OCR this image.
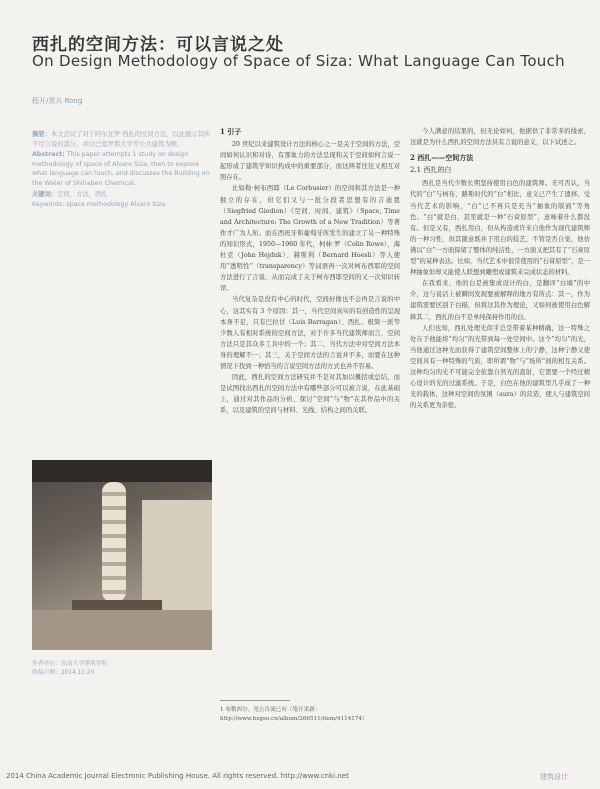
西扎的空间方法：可以言说之处
On Design Methodology of Space of Siza: What Language Can Touch
程开/贺兵 Rong

摘要：本文尝试了对于阿尔瓦罗·西扎的空间方法，以此揭示其所不可言说的部分，并以巴塞罗那大学等公共建筑为例。

Abstract: This paper attempts 1 study on design methodology of space of Alvaro Siza, then to explore what language can touch, and discusses the Building on the Water of Shihaben Chemical.

关键词：空间，方法，西扎

Keywords: space methodology Alvaro Siza

作者单位：东南大学建筑学院
收稿日期：2014.10.20
1 引子

20 世纪以来建筑设计方法的核心之一是关于空间的方法，空间如何认识和对待，有那象力的方法呈现和关于空间如何言说一起形成了建筑学知识构成中的重要部分，而这两者往往又相互对照存在。

比如勒·柯布西耶（Le Corbusier）的空间和其方法是一种独立的存在，但它们又与一批分段者思想有的吉迪恩（Siegfried Giedion）《空间、时间、建筑》（Space, Time and Architecture: The Growth of a New Tradition）等著作才广为人知。而在西班牙和葡萄牙所发生的建立了另一种特殊的知识形式，1950—1960 年代，柯林·罗（Colin Rowe）、海杜克（John Hejduk）、赫斯利（Bernard Hoesli）等人使用“透明性”（transparency）等词语再一次对柯布西耶的空间方法进行了言说，从而完成了关于柯布西耶空间的又一次知识转译。

当代复杂是没有中心的时代，空间好像也不会再是言说的中心，这其实有 3 个原因：其一，当代空间真实的有创造性的呈现本身不足，只有巴拉甘（Luis Barragan）、西扎、极简一派等少数人有相对系统的空间方法，对于许多当代建筑师而言，空间方法只是其众多工具中的一个；其二，当代方法中对空间方法本身的理解不一；其三，关于空间方法的言说并不多，而要在这种情况下找到一种恰当的言说空间方法的方式也并不容易。

因此，西扎的空间方法研究并不是对其加以概括或总结，而是试图找出西扎的空间方法中有哪些部分可以被言说，在此基础上，通过对其作品的分析，探讨“空间”与“物”在其作品中的关系，以及建筑的空间与材料、光线、结构之间的关联。

今人满意的结果的，但无论如何，他据供了非常多的线索，这就是为什么西扎的空间方法具有言说的意义，以下试述之。

2 西扎——空间方法
2.1 西扎的白

西扎是当代少数长期坚持使用白色的建筑师。无可否认，当代的“白”与柯布、路斯时代的“白”相比，意义已产生了遗移。受当代艺术的影响，“白”已不再只是充当“抽象的版面”等角色。“白”就是白，甚至就是一种“石膏原型”，意味着什么都没有。但是又有，西扎用白，但从构造或许来自他作为现代建筑师的一种习性，但其随意既并于用白的技艺，不管是否自觉，他仿佛以“白”一方面保留了整体的纯洁性，一方面又把其有了“石膏原型”的某种表达。比如，当代艺术中很常使用的“石膏原型”，是一种抽象但却又能使人联想到雕塑或建筑未完成状态的材料。

在我看来，他的白是被集成设计的白，是翻译“白墙”的中介，这与说话上被瞬间发现要被解释的地方有所点：其一，作为建筑需要区别于白描，但将这其作为理论，又如何被使用白色解释其二，西扎的白不是单纯保持作用的白。

人们也知，西扎处理光似乎总是带着某种精确，这一特殊之处在于他能将“均匀”的光带到每一处空间中。这个“均匀”的光，当他通过这种光而获得了建筑空间整体上的宁静，这种宁静又使空间具有一种特殊的气质，即所谓“物”与“场所”间的相互关系。这种均匀的光不可能完全依靠自然光的直射，它需要一个经过精心设计的光的过滤系统。于是，白色在他的建筑里几乎成了一种光的载体，这种对空间的氛围（aura）的营造，使人与建筑空间的关系更为亲密。

1 布勒西尔。见公告流已有（笔开采新：http://www.bzgsu.cn/album/266511/item/4114174）
2014 China Academic Journal Electronic Publishing House. All rights reserved. http://www.cnki.net	建筑设计
